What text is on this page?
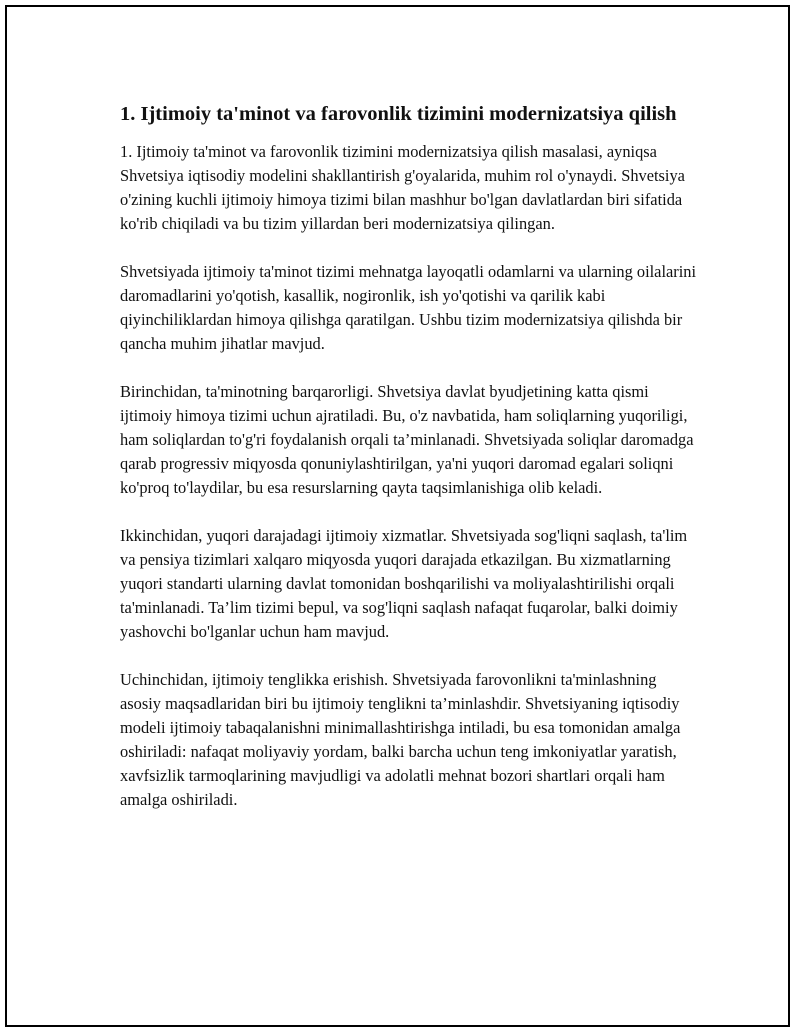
1. Ijtimoiy ta'minot va farovonlik tizimini modernizatsiya qilish

1. Ijtimoiy ta'minot va farovonlik tizimini modernizatsiya qilish masalasi, ayniqsa Shvetsiya iqtisodiy modelini shakllantirish g'oyalarida, muhim rol o'ynaydi. Shvetsiya o'zining kuchli ijtimoiy himoya tizimi bilan mashhur bo'lgan davlatlardan biri sifatida ko'rib chiqiladi va bu tizim yillardan beri modernizatsiya qilingan.

Shvetsiyada ijtimoiy ta'minot tizimi mehnatga layoqatli odamlarni va ularning oilalarini daromadlarini yo'qotish, kasallik, nogironlik, ish yo'qotishi va qarilik kabi qiyinchiliklardan himoya qilishga qaratilgan. Ushbu tizim modernizatsiya qilishda bir qancha muhim jihatlar mavjud.

Birinchidan, ta'minotning barqarorligi. Shvetsiya davlat byudjetining katta qismi ijtimoiy himoya tizimi uchun ajratiladi. Bu, o'z navbatida, ham soliqlarning yuqoriligi, ham soliqlardan to'g'ri foydalanish orqali ta’minlanadi. Shvetsiyada soliqlar daromadga qarab progressiv miqyosda qonuniylashtirilgan, ya'ni yuqori daromad egalari soliqni ko'proq to'laydilar, bu esa resurslarning qayta taqsimlanishiga olib keladi.

Ikkinchidan, yuqori darajadagi ijtimoiy xizmatlar. Shvetsiyada sog'liqni saqlash, ta'lim va pensiya tizimlari xalqaro miqyosda yuqori darajada etkazilgan. Bu xizmatlarning yuqori standarti ularning davlat tomonidan boshqarilishi va moliyalashtirilishi orqali ta'minlanadi. Ta’lim tizimi bepul, va sog'liqni saqlash nafaqat fuqarolar, balki doimiy yashovchi bo'lganlar uchun ham mavjud.

Uchinchidan, ijtimoiy tenglikka erishish. Shvetsiyada farovonlikni ta'minlashning asosiy maqsadlaridan biri bu ijtimoiy tenglikni ta’minlashdir. Shvetsiyaning iqtisodiy modeli ijtimoiy tabaqalanishni minimallashtirishga intiladi, bu esa tomonidan amalga oshiriladi: nafaqat moliyaviy yordam, balki barcha uchun teng imkoniyatlar yaratish, xavfsizlik tarmoqlarining mavjudligi va adolatli mehnat bozori shartlari orqali ham amalga oshiriladi.
